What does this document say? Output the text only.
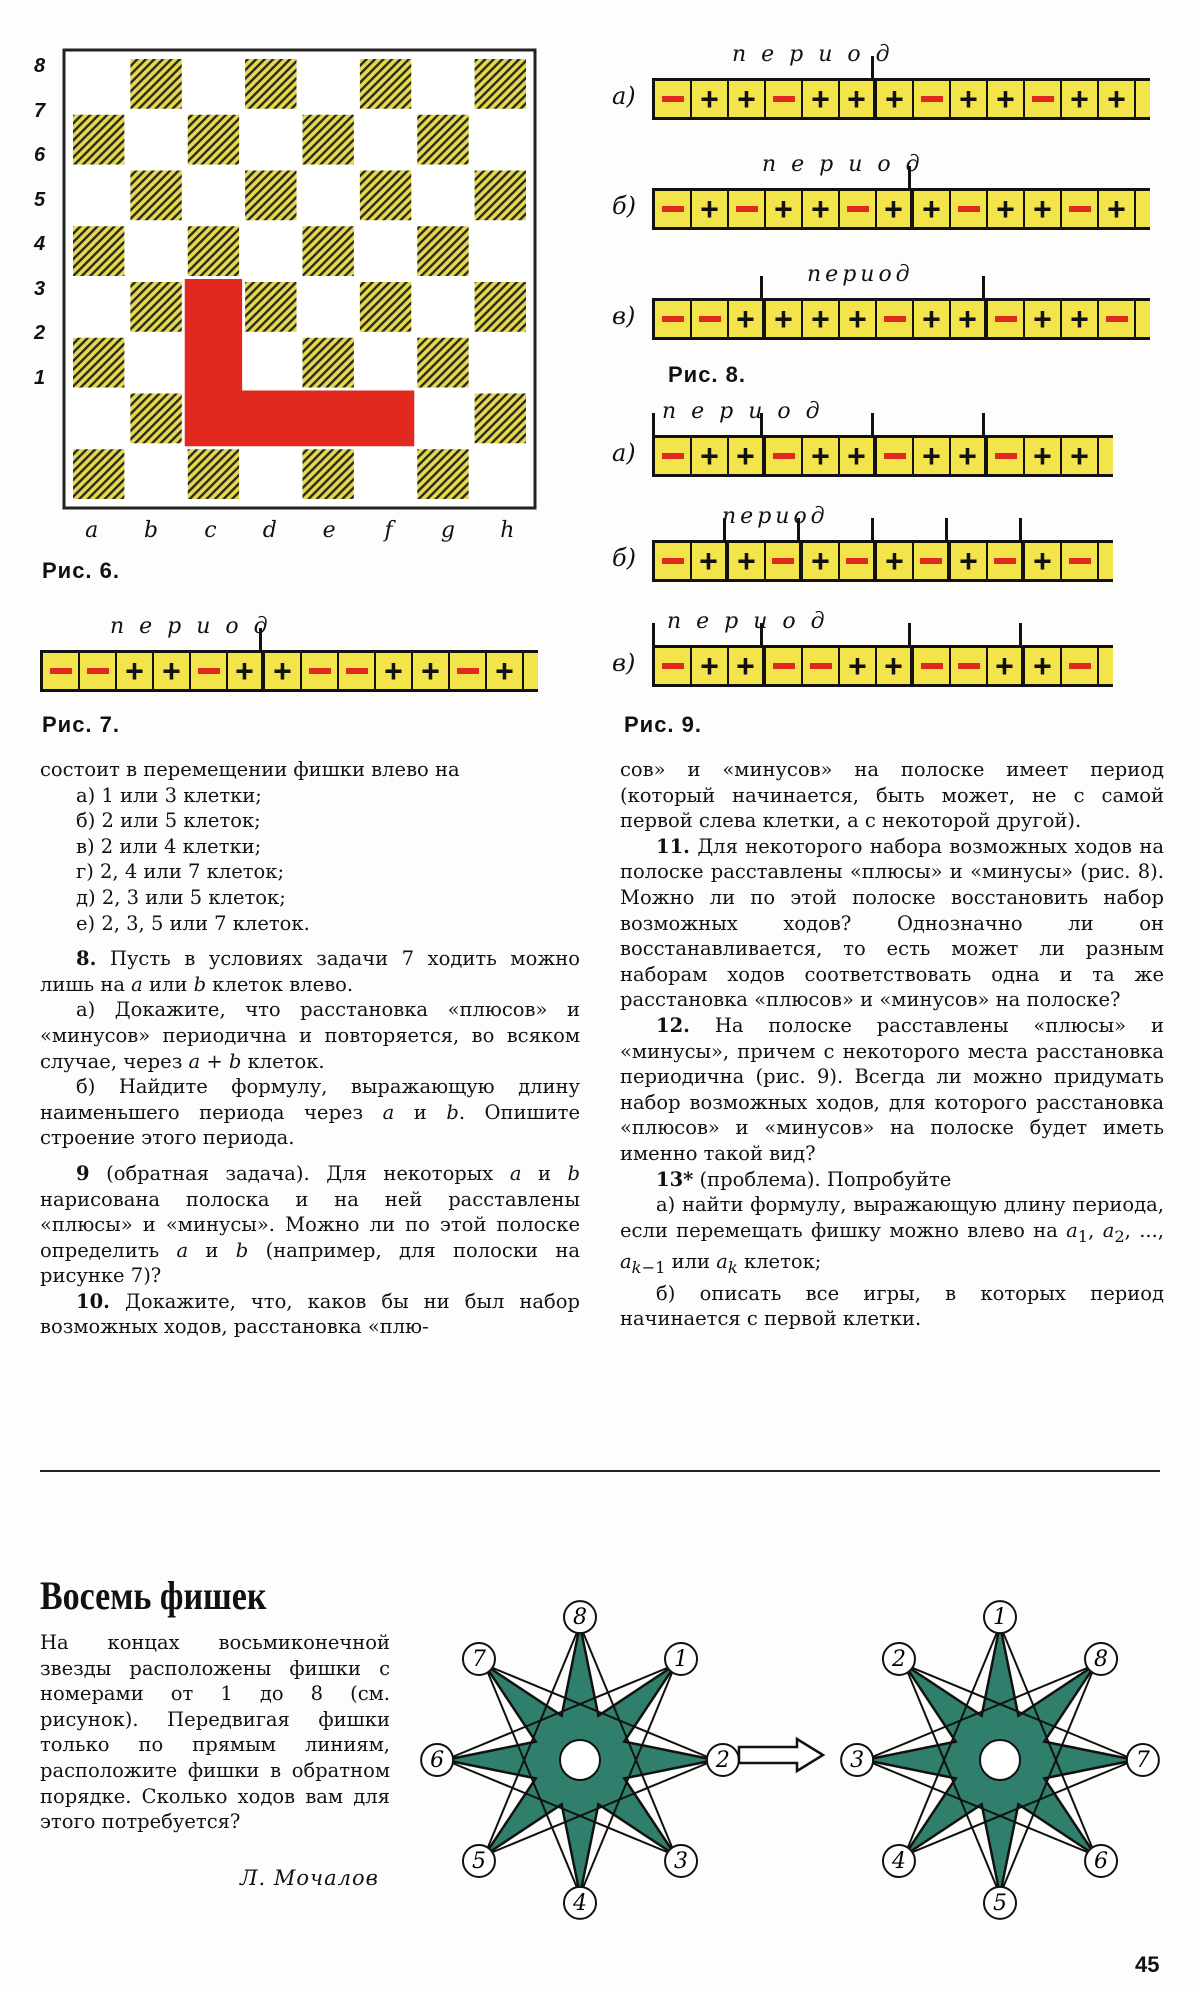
8
7
6
5
4
3
2
1
a	b	c	d	e	f	g	h
Рис. 6.
+ + + +	+ + +
п е р и о д
Рис. 7.
а) + + + + + + + + +
п е р и о д
б) + + + + + + + +
п е р и о д
в)	+ + + + + + + +
период
Рис. 8.
а) + + + + + + + +
п е р и о д
б) + + + + + +
период
в) + +	+ +	+ +
п е р и о д
Рис. 9.

состоит в перемещении фишки влево на

а) 1 или 3 клетки;

б) 2 или 5 клеток;

в) 2 или 4 клетки;

г) 2, 4 или 7 клеток;

д) 2, 3 или 5 клеток;

е) 2, 3, 5 или 7 клеток.

8. Пусть в условиях задачи 7 ходить можно лишь на a или b клеток влево.

а) Докажите, что расстановка «плюсов» и «минусов» периодична и повторяется, во всяком случае, через a + b клеток.

б) Найдите формулу, выражающую длину наименьшего периода через a и b. Опишите строение этого периода.

9 (обратная задача). Для некоторых a и b нарисована полоска и на ней расставлены «плюсы» и «минусы». Можно ли по этой полоске определить a и b (например, для полоски на рисунке 7)?

10. Докажите, что, каков бы ни был набор возможных ходов, расстановка «плю-

сов» и «минусов» на полоске имеет период (который начинается, быть может, не с самой первой слева клетки, а с некоторой другой).

11. Для некоторого набора возможных ходов на полоске расставлены «плюсы» и «минусы» (рис. 8). Можно ли по этой полоске восстановить набор возможных ходов? Однозначно ли он восстанавливается, то есть может ли разным наборам ходов соответствовать одна и та же расстановка «плюсов» и «минусов» на полоске?

12. На полоске расставлены «плюсы» и «минусы», причем с некоторого места расстановка периодична (рис. 9). Всегда ли можно придумать набор возможных ходов, для которого расстановка «плюсов» и «минусов» на полоске будет иметь именно такой вид?

13* (проблема). Попробуйте

а) найти формулу, выражающую длину периода, если перемещать фишку можно влево на $a_1$, $a_2$, ..., $a_{k-1}$ или $a_k$ клеток;

б) описать все игры, в которых период начинается с первой клетки.

Восемь фишек
На концах восьмиконечной звезды расположены фишки с номерами от 1 до 8 (см. рисунок). Передвигая фишки только по прямым линиям, расположите фишки в обратном порядке. Сколько ходов вам для этого потребуется?
Л. Мочалов
8
1
2
3
4
5
6
7
1
8
7
6
5
4
3
2
45
